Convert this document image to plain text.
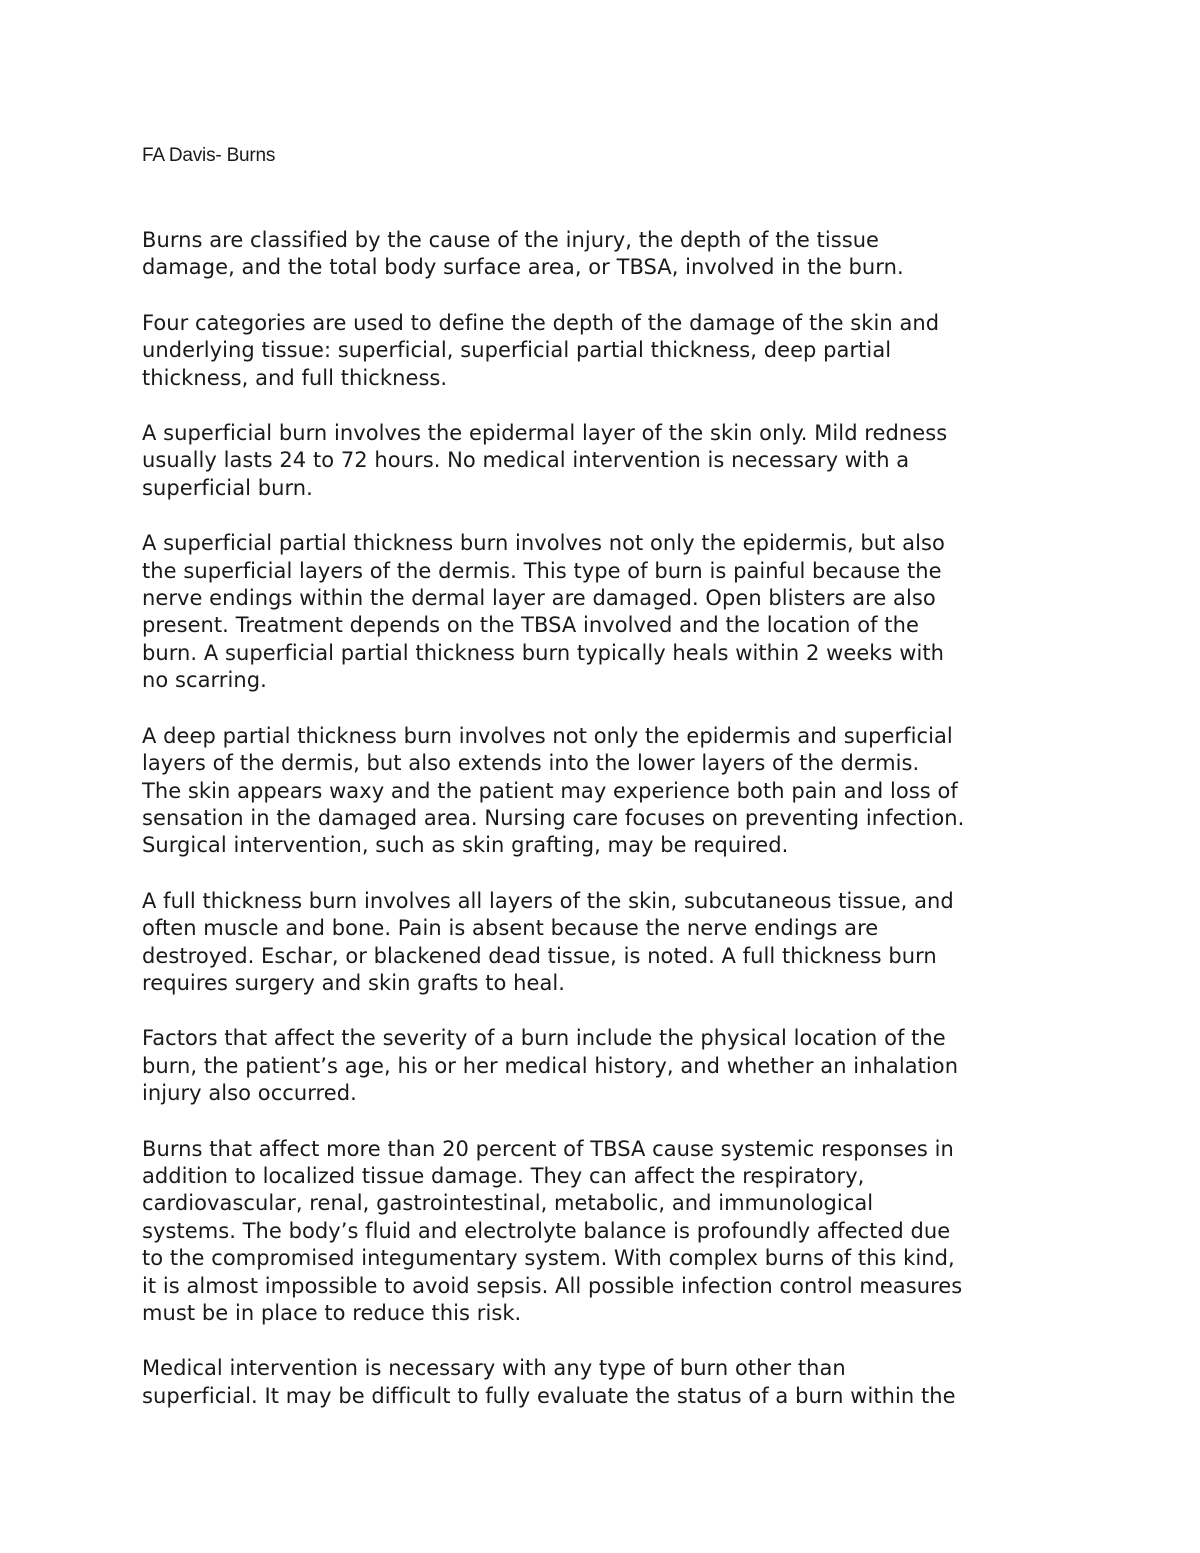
FA Davis- Burns

Burns are classified by the cause of the injury, the depth of the tissue
damage, and the total body surface area, or TBSA, involved in the burn.

Four categories are used to define the depth of the damage of the skin and
underlying tissue: superficial, superficial partial thickness, deep partial
thickness, and full thickness.

A superficial burn involves the epidermal layer of the skin only. Mild redness
usually lasts 24 to 72 hours. No medical intervention is necessary with a
superficial burn.

A superficial partial thickness burn involves not only the epidermis, but also
the superficial layers of the dermis. This type of burn is painful because the
nerve endings within the dermal layer are damaged. Open blisters are also
present. Treatment depends on the TBSA involved and the location of the
burn. A superficial partial thickness burn typically heals within 2 weeks with
no scarring.

A deep partial thickness burn involves not only the epidermis and superficial
layers of the dermis, but also extends into the lower layers of the dermis.
The skin appears waxy and the patient may experience both pain and loss of
sensation in the damaged area. Nursing care focuses on preventing infection.
Surgical intervention, such as skin grafting, may be required.

A full thickness burn involves all layers of the skin, subcutaneous tissue, and
often muscle and bone. Pain is absent because the nerve endings are
destroyed. Eschar, or blackened dead tissue, is noted. A full thickness burn
requires surgery and skin grafts to heal.

Factors that affect the severity of a burn include the physical location of the
burn, the patient’s age, his or her medical history, and whether an inhalation
injury also occurred.

Burns that affect more than 20 percent of TBSA cause systemic responses in
addition to localized tissue damage. They can affect the respiratory,
cardiovascular, renal, gastrointestinal, metabolic, and immunological
systems. The body’s fluid and electrolyte balance is profoundly affected due
to the compromised integumentary system. With complex burns of this kind,
it is almost impossible to avoid sepsis. All possible infection control measures
must be in place to reduce this risk.

Medical intervention is necessary with any type of burn other than
superficial. It may be difficult to fully evaluate the status of a burn within the
